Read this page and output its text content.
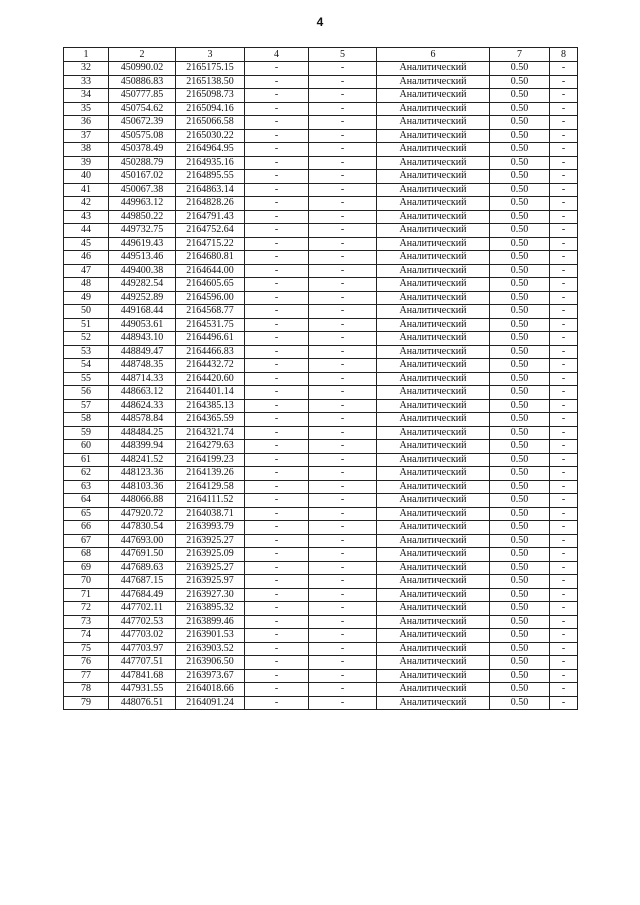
4
1	2	3	4	5	6	7	8
32	450990.02	2165175.15	-	-	Аналитический	0.50	-
33	450886.83	2165138.50	-	-	Аналитический	0.50	-
34	450777.85	2165098.73	-	-	Аналитический	0.50	-
35	450754.62	2165094.16	-	-	Аналитический	0.50	-
36	450672.39	2165066.58	-	-	Аналитический	0.50	-
37	450575.08	2165030.22	-	-	Аналитический	0.50	-
38	450378.49	2164964.95	-	-	Аналитический	0.50	-
39	450288.79	2164935.16	-	-	Аналитический	0.50	-
40	450167.02	2164895.55	-	-	Аналитический	0.50	-
41	450067.38	2164863.14	-	-	Аналитический	0.50	-
42	449963.12	2164828.26	-	-	Аналитический	0.50	-
43	449850.22	2164791.43	-	-	Аналитический	0.50	-
44	449732.75	2164752.64	-	-	Аналитический	0.50	-
45	449619.43	2164715.22	-	-	Аналитический	0.50	-
46	449513.46	2164680.81	-	-	Аналитический	0.50	-
47	449400.38	2164644.00	-	-	Аналитический	0.50	-
48	449282.54	2164605.65	-	-	Аналитический	0.50	-
49	449252.89	2164596.00	-	-	Аналитический	0.50	-
50	449168.44	2164568.77	-	-	Аналитический	0.50	-
51	449053.61	2164531.75	-	-	Аналитический	0.50	-
52	448943.10	2164496.61	-	-	Аналитический	0.50	-
53	448849.47	2164466.83	-	-	Аналитический	0.50	-
54	448748.35	2164432.72	-	-	Аналитический	0.50	-
55	448714.33	2164420.60	-	-	Аналитический	0.50	-
56	448663.12	2164401.14	-	-	Аналитический	0.50	-
57	448624.33	2164385.13	-	-	Аналитический	0.50	-
58	448578.84	2164365.59	-	-	Аналитический	0.50	-
59	448484.25	2164321.74	-	-	Аналитический	0.50	-
60	448399.94	2164279.63	-	-	Аналитический	0.50	-
61	448241.52	2164199.23	-	-	Аналитический	0.50	-
62	448123.36	2164139.26	-	-	Аналитический	0.50	-
63	448103.36	2164129.58	-	-	Аналитический	0.50	-
64	448066.88	2164111.52	-	-	Аналитический	0.50	-
65	447920.72	2164038.71	-	-	Аналитический	0.50	-
66	447830.54	2163993.79	-	-	Аналитический	0.50	-
67	447693.00	2163925.27	-	-	Аналитический	0.50	-
68	447691.50	2163925.09	-	-	Аналитический	0.50	-
69	447689.63	2163925.27	-	-	Аналитический	0.50	-
70	447687.15	2163925.97	-	-	Аналитический	0.50	-
71	447684.49	2163927.30	-	-	Аналитический	0.50	-
72	447702.11	2163895.32	-	-	Аналитический	0.50	-
73	447702.53	2163899.46	-	-	Аналитический	0.50	-
74	447703.02	2163901.53	-	-	Аналитический	0.50	-
75	447703.97	2163903.52	-	-	Аналитический	0.50	-
76	447707.51	2163906.50	-	-	Аналитический	0.50	-
77	447841.68	2163973.67	-	-	Аналитический	0.50	-
78	447931.55	2164018.66	-	-	Аналитический	0.50	-
79	448076.51	2164091.24	-	-	Аналитический	0.50	-
